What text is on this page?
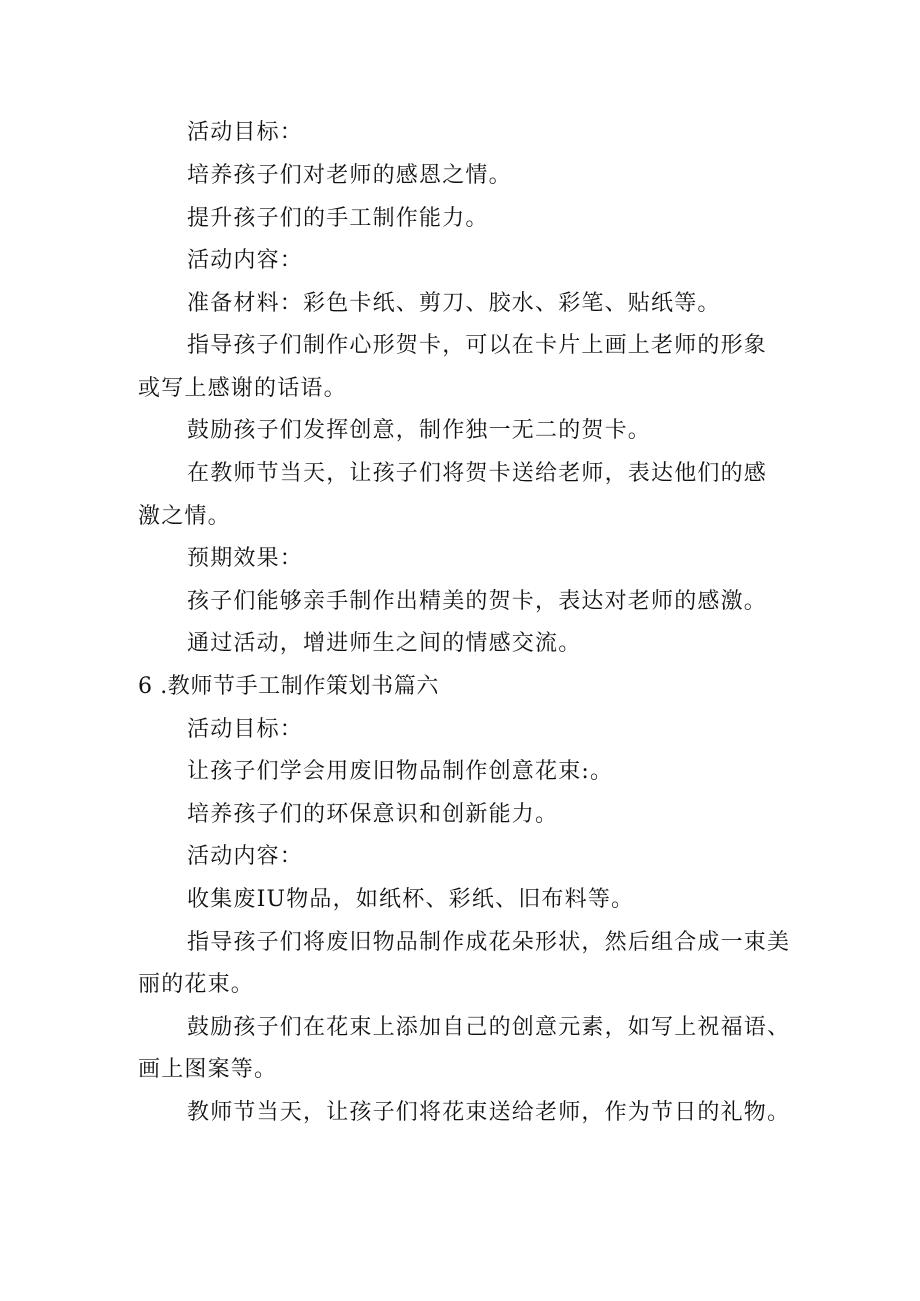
活动目标：
培养孩子们对老师的感恩之情。
提升孩子们的手工制作能力。
活动内容：
准备材料：彩色卡纸、剪刀、胶水、彩笔、贴纸等。
指导孩子们制作心形贺卡，可以在卡片上画上老师的形象
或写上感谢的话语。
鼓励孩子们发挥创意，制作独一无二的贺卡。
在教师节当天，让孩子们将贺卡送给老师，表达他们的感
激之情。
预期效果：
孩子们能够亲手制作出精美的贺卡，表达对老师的感激。
通过活动，增进师生之间的情感交流。
6 .教师节手工制作策划书篇六
活动目标：
让孩子们学会用废旧物品制作创意花束:。
培养孩子们的环保意识和创新能力。
活动内容：
收集废IU物品，如纸杯、彩纸、旧布料等。
指导孩子们将废旧物品制作成花朵形状，然后组合成一束美
丽的花束。
鼓励孩子们在花束上添加自己的创意元素，如写上祝福语、
画上图案等。
教师节当天，让孩子们将花束送给老师，作为节日的礼物。
